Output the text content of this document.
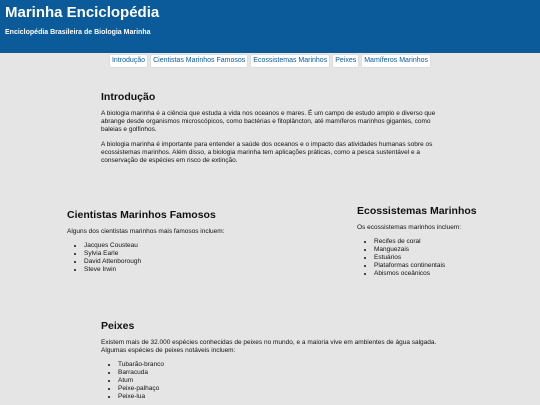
Marinha Enciclopédia
Enciclopédia Brasileira de Biologia Marinha
Introdução Cientistas Marinhos Famosos Ecossistemas Marinhos Peixes Mamíferos Marinhos
Introdução

A biologia marinha é a ciência que estuda a vida nos oceanos e mares. É um campo de estudo amplo e diverso que abrange desde organismos microscópicos, como bactérias e fitoplâncton, até mamíferos marinhos gigantes, como baleias e golfinhos.

A biologia marinha é importante para entender a saúde dos oceanos e o impacto das atividades humanas sobre os ecossistemas marinhos. Além disso, a biologia marinha tem aplicações práticas, como a pesca sustentável e a conservação de espécies em risco de extinção.

Cientistas Marinhos Famosos

Alguns dos cientistas marinhos mais famosos incluem:

• Jacques Cousteau
• Sylvia Earle
• David Attenborough
• Steve Irwin
Ecossistemas Marinhos

Os ecossistemas marinhos incluem:

• Recifes de coral
• Manguezais
• Estuários
• Plataformas continentais
• Abismos oceânicos
Peixes

Existem mais de 32.000 espécies conhecidas de peixes no mundo, e a maioria vive em ambientes de água salgada. Algumas espécies de peixes notáveis incluem:

• Tubarão-branco
• Barracuda
• Atum
• Peixe-palhaço
• Peixe-lua
